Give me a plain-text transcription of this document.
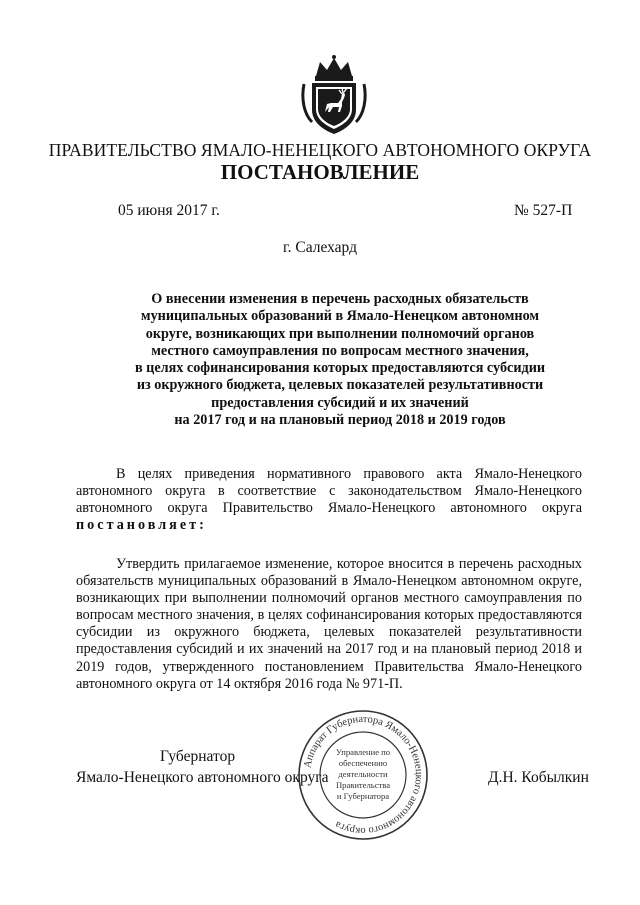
ПРАВИТЕЛЬСТВО ЯМАЛО-НЕНЕЦКОГО АВТОНОМНОГО ОКРУГА
ПОСТАНОВЛЕНИЕ
05 июня 2017 г.	№ 527-П
г. Салехард
О внесении изменения в перечень расходных обязательств
муниципальных образований в Ямало-Ненецком автономном
округе, возникающих при выполнении полномочий органов
местного самоуправления по вопросам местного значения,
в целях софинансирования которых предоставляются субсидии
из окружного бюджета, целевых показателей результативности
предоставления субсидий и их значений
на 2017 год и на плановый период 2018 и 2019 годов
В целях приведения нормативного правового акта Ямало-Ненецкого автономного округа в соответствие с законодательством Ямало-Ненецкого автономного округа Правительство Ямало-Ненецкого автономного округа постановляет:
Утвердить прилагаемое изменение, которое вносится в перечень расходных обязательств муниципальных образований в Ямало-Ненецком автономном округе, возникающих при выполнении полномочий органов местного самоуправления по вопросам местного значения, в целях софинансирования которых предоставляются субсидии из окружного бюджета, целевых показателей результативности предоставления субсидий и их значений на 2017 год и на плановый период 2018 и 2019 годов, утвержденного постановлением Правительства Ямало-Ненецкого автономного округа от 14 октября 2016 года № 971-П.
Губернатор
Ямало-Ненецкого автономного округа	Д.Н. Кобылкин
Аппарат Губернатора Ямало-Ненецкого автономного округа
Управление по
обеспечению
деятельности
Правительства
и Губернатора
